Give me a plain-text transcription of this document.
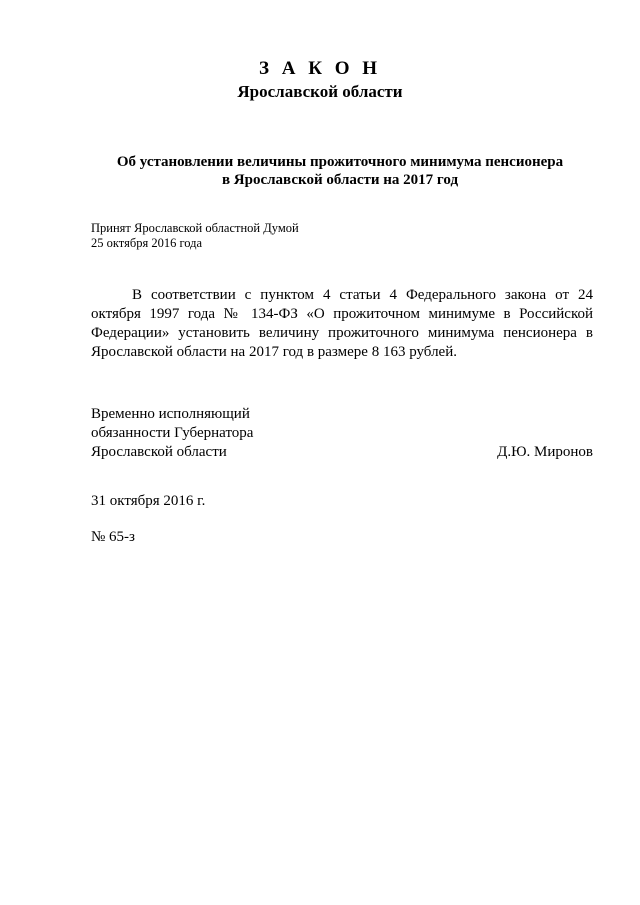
З А К О Н
Ярославской области
Об установлении величины прожиточного минимума пенсионера
в Ярославской области на 2017 год
Принят Ярославской областной Думой
25 октября 2016 года

В соответствии с пунктом 4 статьи 4 Федерального закона от 24 октября 1997 года № 134-ФЗ «О прожиточном минимуме в Российской Федерации» установить величину прожиточного минимума пенсионера в Ярославской области на 2017 год в размере 8 163 рублей.

Временно исполняющий
обязанности Губернатора
Ярославской области	Д.Ю. Миронов
31 октября 2016 г.
№ 65-з
